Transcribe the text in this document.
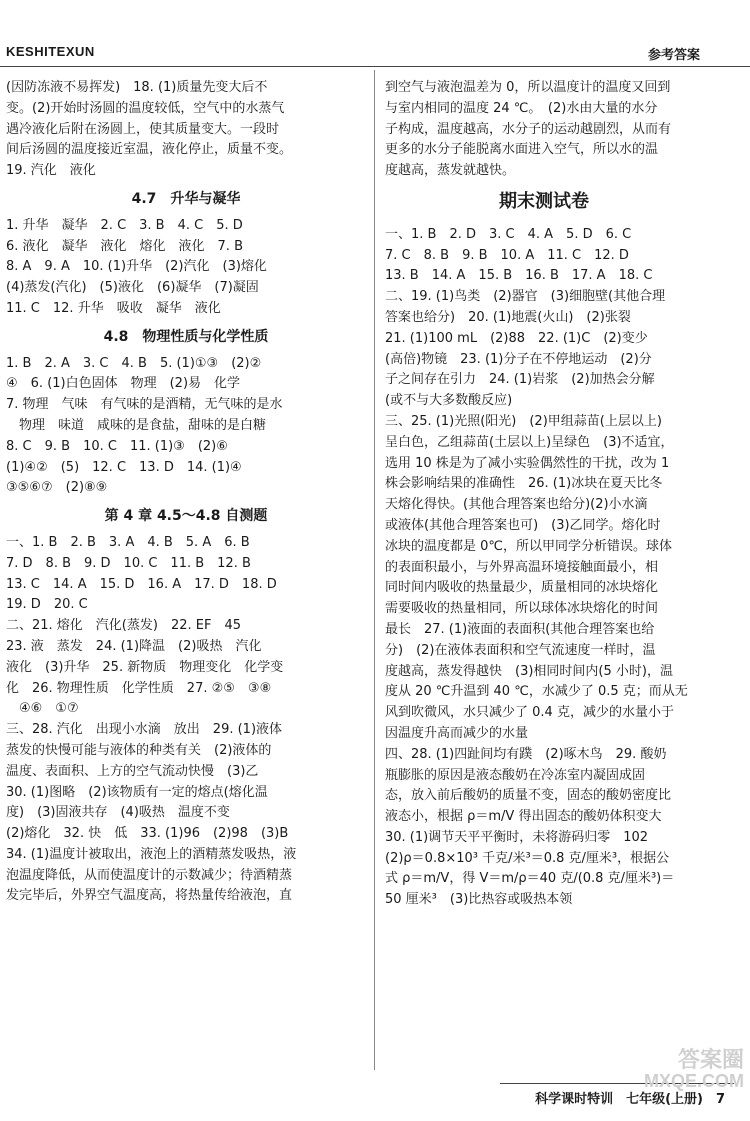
KESHITEXUN	参考答案
(因防冻液不易挥发)　18. (1)质量先变大后不
变。(2)开始时汤圆的温度较低，空气中的水蒸气
遇冷液化后附在汤圆上，使其质量变大。一段时
间后汤圆的温度接近室温，液化停止，质量不变。
19. 汽化　液化
4.7　升华与凝华
1. 升华　凝华　2. C　3. B　4. C　5. D
6. 液化　凝华　液化　熔化　液化　7. B
8. A　9. A　10. (1)升华　(2)汽化　(3)熔化
(4)蒸发(汽化)　(5)液化　(6)凝华　(7)凝固
11. C　12. 升华　吸收　凝华　液化
4.8　物理性质与化学性质
1. B　2. A　3. C　4. B　5. (1)①③　(2)②
④　6. (1)白色固体　物理　(2)易　化学
7. 物理　气味　有气味的是酒精，无气味的是水
　物理　味道　咸味的是食盐，甜味的是白糖
8. C　9. B　10. C　11. (1)③　(2)⑥
(1)④②　(5)　12. C　13. D　14. (1)④
③⑤⑥⑦　(2)⑧⑨
第 4 章 4.5～4.8 自测题
一、1. B　2. B　3. A　4. B　5. A　6. B
7. D　8. B　9. D　10. C　11. B　12. B
13. C　14. A　15. D　16. A　17. D　18. D
19. D　20. C
二、21. 熔化　汽化(蒸发)　22. EF　45
23. 液　蒸发　24. (1)降温　(2)吸热　汽化
液化　(3)升华　25. 新物质　物理变化　化学变
化　26. 物理性质　化学性质　27. ②⑤　③⑧
　④⑥　①⑦
三、28. 汽化　出现小水滴　放出　29. (1)液体
蒸发的快慢可能与液体的种类有关　(2)液体的
温度、表面积、上方的空气流动快慢　(3)乙
30. (1)图略　(2)该物质有一定的熔点(熔化温
度)　(3)固液共存　(4)吸热　温度不变
(2)熔化　32. 快　低　33. (1)96　(2)98　(3)B
34. (1)温度计被取出，液泡上的酒精蒸发吸热，液
泡温度降低，从而使温度计的示数减少；待酒精蒸
发完毕后，外界空气温度高，将热量传给液泡，直
到空气与液泡温差为 0，所以温度计的温度又回到
与室内相同的温度 24 ℃。　(2)水由大量的水分
子构成，温度越高，水分子的运动越剧烈，从而有
更多的水分子能脱离水面进入空气，所以水的温
度越高，蒸发就越快。
期末测试卷
一、1. B　2. D　3. C　4. A　5. D　6. C
7. C　8. B　9. B　10. A　11. C　12. D
13. B　14. A　15. B　16. B　17. A　18. C
二、19. (1)鸟类　(2)器官　(3)细胞壁(其他合理
答案也给分)　20. (1)地震(火山)　(2)张裂
21. (1)100 mL　(2)88　22. (1)C　(2)变少
(高倍)物镜　23. (1)分子在不停地运动　(2)分
子之间存在引力　24. (1)岩浆　(2)加热会分解
(或不与大多数酸反应)
三、25. (1)光照(阳光)　(2)甲组蒜苗(上层以上)
呈白色，乙组蒜苗(土层以上)呈绿色　(3)不适宜，
选用 10 株是为了减小实验偶然性的干扰，改为 1
株会影响结果的准确性　26. (1)冰块在夏天比冬
天熔化得快。(其他合理答案也给分)(2)小水滴
或液体(其他合理答案也可)　(3)乙同学。熔化时
冰块的温度都是 0℃，所以甲同学分析错误。球体
的表面积最小，与外界高温环境接触面最小，相
同时间内吸收的热量最少，质量相同的冰块熔化
需要吸收的热量相同，所以球体冰块熔化的时间
最长　27. (1)液面的表面积(其他合理答案也给
分)　(2)在液体表面积和空气流速度一样时，温
度越高，蒸发得越快　(3)相同时间内(5 小时)，温
度从 20 ℃升温到 40 ℃，水减少了 0.5 克；而从无
风到吹微风，水只减少了 0.4 克，减少的水量小于
因温度升高而减少的水量
四、28. (1)四趾间均有蹼　(2)啄木鸟　29. 酸奶
瓶膨胀的原因是液态酸奶在冷冻室内凝固成固
态，放入前后酸奶的质量不变，固态的酸奶密度比
液态小，根据 ρ＝m/V 得出固态的酸奶体积变大
30. (1)调节天平平衡时，未将游码归零　102
(2)ρ＝0.8×10³ 千克/米³＝0.8 克/厘米³，根据公
式 ρ＝m/V，得 V＝m/ρ＝40 克/(0.8 克/厘米³)＝
50 厘米³　(3)比热容或吸热本领
科学课时特训　七年级(上册)　7
答案圈
MXQE.COM
